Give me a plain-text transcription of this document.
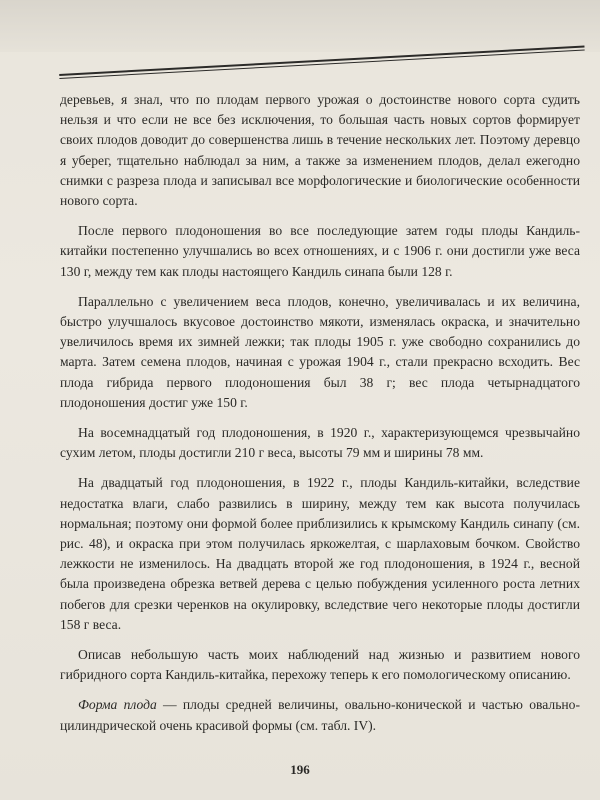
деревьев, я знал, что по плодам первого урожая о достоинстве нового сорта судить нельзя и что если не все без исключения, то большая часть новых сортов формирует своих плодов доводит до совершенства лишь в течение нескольких лет. Поэтому деревцо я уберег, тщательно наблюдал за ним, а также за изменением плодов, делал ежегодно снимки с разреза плода и записывал все морфологические и биологические особенности нового сорта.

После первого плодоношения во все последующие затем годы плоды Кандиль-китайки постепенно улучшались во всех отношениях, и с 1906 г. они достигли уже веса 130 г, между тем как плоды настоящего Кандиль синапа были 128 г.

Параллельно с увеличением веса плодов, конечно, увеличивалась и их величина, быстро улучшалось вкусовое достоинство мякоти, изменялась окраска, и значительно увеличилось время их зимней лежки; так плоды 1905 г. уже свободно сохранились до марта. Затем семена плодов, начиная с урожая 1904 г., стали прекрасно всходить. Вес плода гибрида первого плодоношения был 38 г; вес плода четырнадцатого плодоношения достиг уже 150 г.

На восемнадцатый год плодоношения, в 1920 г., характеризующемся чрезвычайно сухим летом, плоды достигли 210 г веса, высоты 79 мм и ширины 78 мм.

На двадцатый год плодоношения, в 1922 г., плоды Кандиль-китайки, вследствие недостатка влаги, слабо развились в ширину, между тем как высота получилась нормальная; поэтому они формой более приблизились к крымскому Кандиль синапу (см. рис. 48), и окраска при этом получилась яркожелтая, с шарлаховым бочком. Свойство лежкости не изменилось. На двадцать второй же год плодоношения, в 1924 г., весной была произведена обрезка ветвей дерева с целью побуждения усиленного роста летних побегов для срезки черенков на окулировку, вследствие чего некоторые плоды достигли 158 г веса.

Описав небольшую часть моих наблюдений над жизнью и развитием нового гибридного сорта Кандиль-китайка, перехожу теперь к его помологическому описанию.

Форма плода — плоды средней величины, овально-конической и частью овально-цилиндрической очень красивой формы (см. табл. IV).

196
